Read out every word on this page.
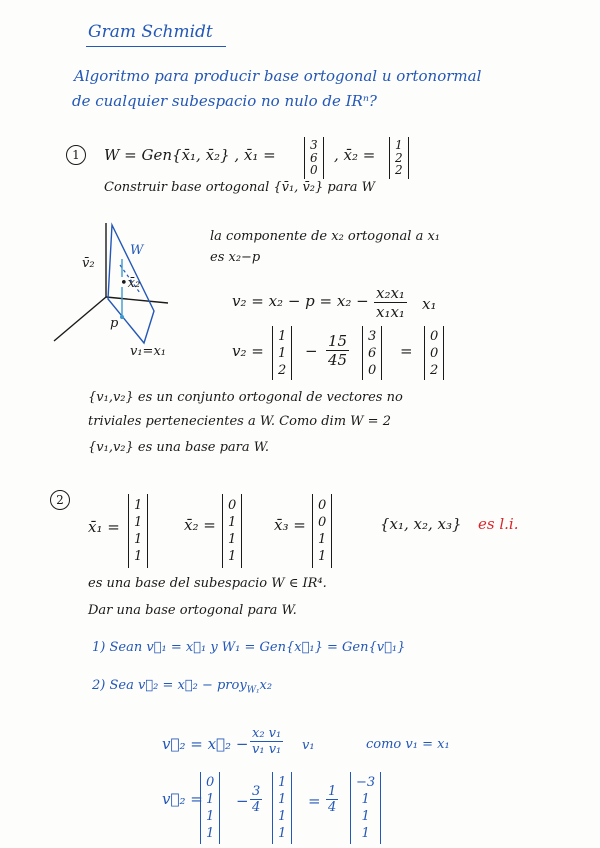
Gram Schmidt
Algoritmo para producir base ortogonal u ortonormal
de cualquier subespacio no nulo de IRⁿ?
1	W = Gen{x̄₁, x̄₂} , x̄₁ =
3
6
0
, x̄₂ =
1
2
2
Construir base ortogonal {v̄₁, v̄₂} para W
v̄₂
W
•x̄₂
p
v₁=x₁
la componente de x₂ ortogonal a x₁
es x₂−p
$v_2 = x_2 - p = x_2 - \frac{\text{x₂x₁}}{\text{x₁x₁}} x_1$
v₂ =
1
1
2
− $\frac{15}{45} 3$
6
0
=
0
0
2
{v₁,v₂} es un conjunto ortogonal de vectores no
triviales pertenecientes a W. Como dim W = 2
{v₁,v₂} es una base para W.
2
x̄₁ =
1
1
1
1
x̄₂ =
0
1
1
1
x̄₃ =
0
0
1
1
{x₁, x₂, x₃} es l.i.
es una base del subespacio W ∈ IR⁴.
Dar una base ortogonal para W.
1) Sean v⃗₁ = x⃗₁ y W₁ = Gen{x⃗₁} = Gen{v⃗₁}
2) Sea v⃗₂ = x⃗₂ − proy$_{W_1}$x₂
v⃗₂ = x⃗₂ − $\frac{\text{x₂ v₁}}{\text{v₁ v₁}} v_1$	como v₁ = x₁
v⃗₂ =
0
1
1
1
− $\frac{3}{4}$
1
1
1
1
= $\frac{1}{4}$
−3
1
1
1
